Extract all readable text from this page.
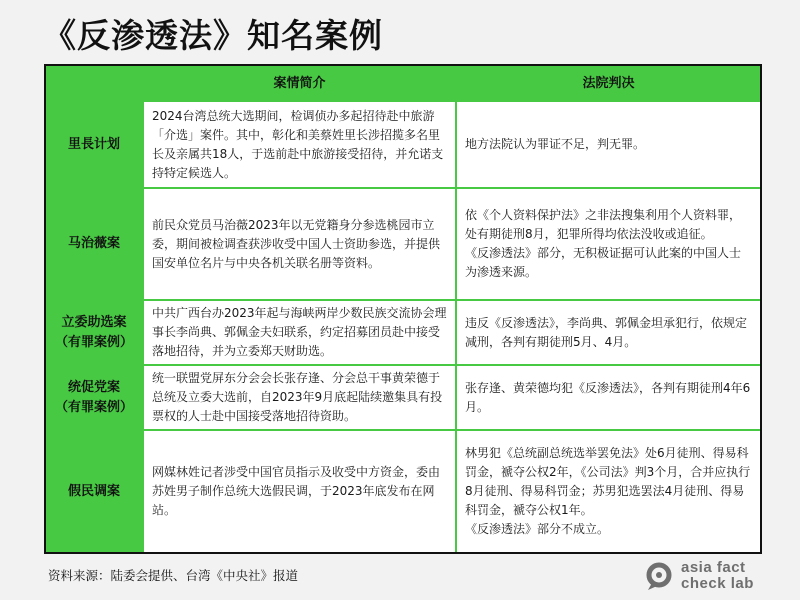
《反渗透法》知名案例
案情简介	法院判决
里長计划
2024台湾总统大选期间，检调侦办多起招待赴中旅游「介选」案件。其中，彰化和美蔡姓里长涉招揽多名里长及亲属共18人，于选前赴中旅游接受招待，并允诺支持特定候选人。
地方法院认为罪证不足，判无罪。
马治薇案
前民众党员马治薇2023年以无党籍身分参选桃园市立委，期间被检调查获涉收受中国人士资助参选，并提供国安单位名片与中央各机关联名册等资料。
依《个人资料保护法》之非法搜集利用个人资料罪，处有期徒刑8月，犯罪所得均依法没收或追征。
《反渗透法》部分，无积极证据可认此案的中国人士为渗透来源。
立委助选案
（有罪案例）
中共广西台办2023年起与海峡两岸少数民族交流协会理事长李尚典、郭佩金夫妇联系，约定招募团员赴中接受落地招待，并为立委郑天财助选。
违反《反渗透法》，李尚典、郭佩金坦承犯行，依规定减刑，各判有期徒刑5月、4月。
统促党案
（有罪案例）
统一联盟党屏东分会会长张存逢、分会总干事黄荣德于总统及立委大选前，自2023年9月底起陆续邀集具有投票权的人士赴中国接受落地招待资助。
张存逢、黄荣德均犯《反渗透法》，各判有期徒刑4年6月。
假民调案
网媒林姓记者涉受中国官员指示及收受中方资金，委由苏姓男子制作总统大选假民调，于2023年底发布在网站。
林男犯《总统副总统选举罢免法》处6月徒刑、得易科罚金，褫夺公权2年，《公司法》判3个月，合并应执行8月徒刑、得易科罚金；苏男犯选罢法4月徒刑、得易科罚金，褫夺公权1年。
《反渗透法》部分不成立。
资料来源：陆委会提供、台湾《中央社》报道	asia fact
check lab
